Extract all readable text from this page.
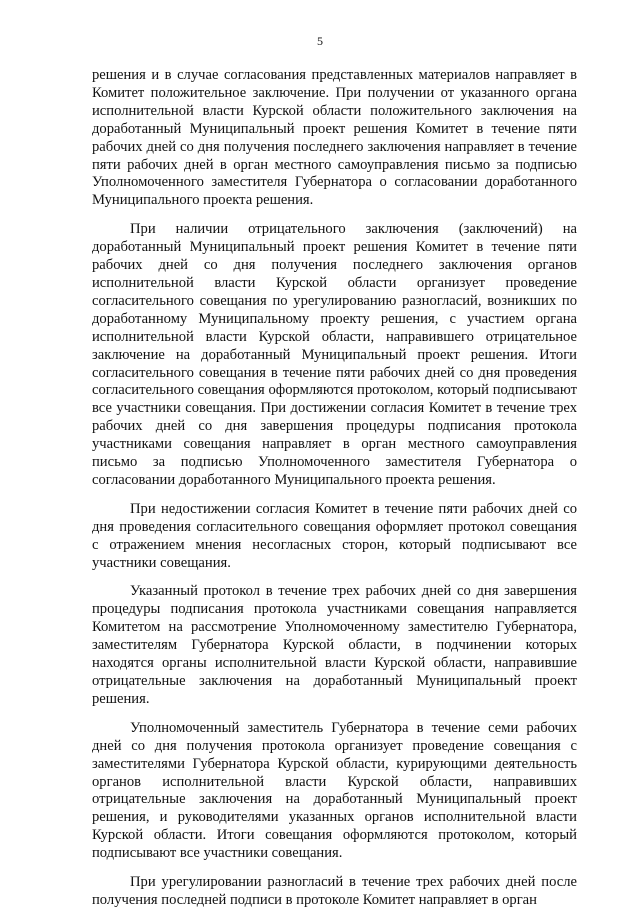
5

решения и в случае согласования представленных материалов направляет в Комитет положительное заключение. При получении от указанного органа исполнительной власти Курской области положительного заключения на доработанный Муниципальный проект решения Комитет в течение пяти рабочих дней со дня получения последнего заключения направляет в течение пяти рабочих дней в орган местного самоуправления письмо за подписью Уполномоченного заместителя Губернатора о согласовании доработанного Муниципального проекта решения.

При наличии отрицательного заключения (заключений) на доработанный Муниципальный проект решения Комитет в течение пяти рабочих дней со дня получения последнего заключения органов исполнительной власти Курской области организует проведение согласительного совещания по урегулированию разногласий, возникших по доработанному Муниципальному проекту решения, с участием органа исполнительной власти Курской области, направившего отрицательное заключение на доработанный Муниципальный проект решения. Итоги согласительного совещания в течение пяти рабочих дней со дня проведения согласительного совещания оформляются протоколом, который подписывают все участники совещания. При достижении согласия Комитет в течение трех рабочих дней со дня завершения процедуры подписания протокола участниками совещания направляет в орган местного самоуправления письмо за подписью Уполномоченного заместителя Губернатора о согласовании доработанного Муниципального проекта решения.

При недостижении согласия Комитет в течение пяти рабочих дней со дня проведения согласительного совещания оформляет протокол совещания с отражением мнения несогласных сторон, который подписывают все участники совещания.

Указанный протокол в течение трех рабочих дней со дня завершения процедуры подписания протокола участниками совещания направляется Комитетом на рассмотрение Уполномоченному заместителю Губернатора, заместителям Губернатора Курской области, в подчинении которых находятся органы исполнительной власти Курской области, направившие отрицательные заключения на доработанный Муниципальный проект решения.

Уполномоченный заместитель Губернатора в течение семи рабочих дней со дня получения протокола организует проведение совещания с заместителями Губернатора Курской области, курирующими деятельность органов исполнительной власти Курской области, направивших отрицательные заключения на доработанный Муниципальный проект решения, и руководителями указанных органов исполнительной власти Курской области. Итоги совещания оформляются протоколом, который подписывают все участники совещания.

При урегулировании разногласий в течение трех рабочих дней после получения последней подписи в протоколе Комитет направляет в орган
